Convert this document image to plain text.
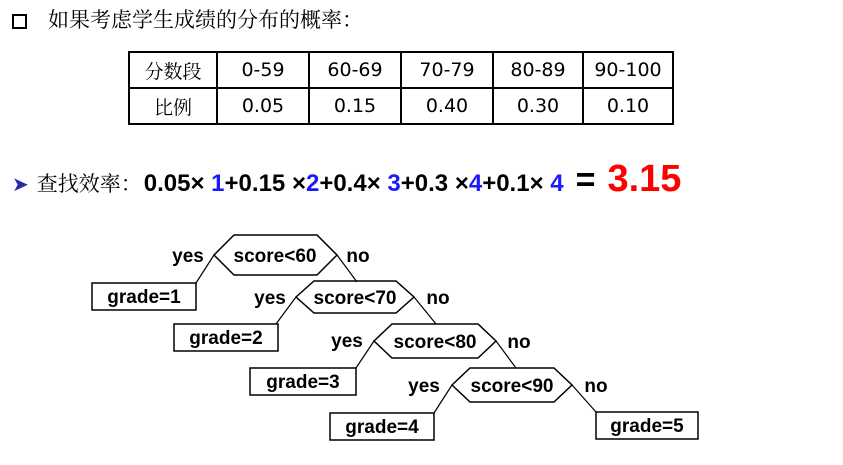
如果考虑学生成绩的分布的概率：
分数段	0-59	60-69	70-79	80-89	90-100
比例	0.05	0.15	0.40	0.30	0.10
➤ 查找效率： 0.05× 1+0.15 ×2+0.4× 3+0.3 ×4+0.1× 4 = 3.15
score<60
yes	no
grade=1	score<70
yes	no
grade=2	score<80
yes	no
grade=3	score<90
yes	no
grade=4	grade=5
